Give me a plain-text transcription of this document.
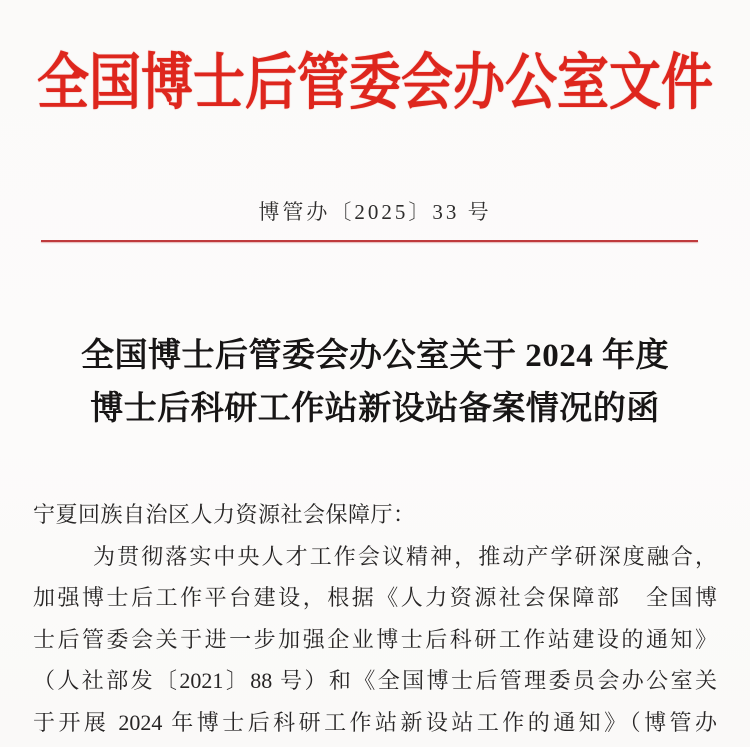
全国博士后管委会办公室文件
博管办〔2025〕33 号
全国博士后管委会办公室关于 2024 年度
博士后科研工作站新设站备案情况的函
宁夏回族自治区人力资源社会保障厅：
为贯彻落实中央人才工作会议精神，推动产学研深度融合，
加强博士后工作平台建设，根据《人力资源社会保障部　全国博
士后管委会关于进一步加强企业博士后科研工作站建设的通知》
（人社部发〔2021〕88 号）和《全国博士后管理委员会办公室关
于开展 2024 年博士后科研工作站新设站工作的通知》（博管办
